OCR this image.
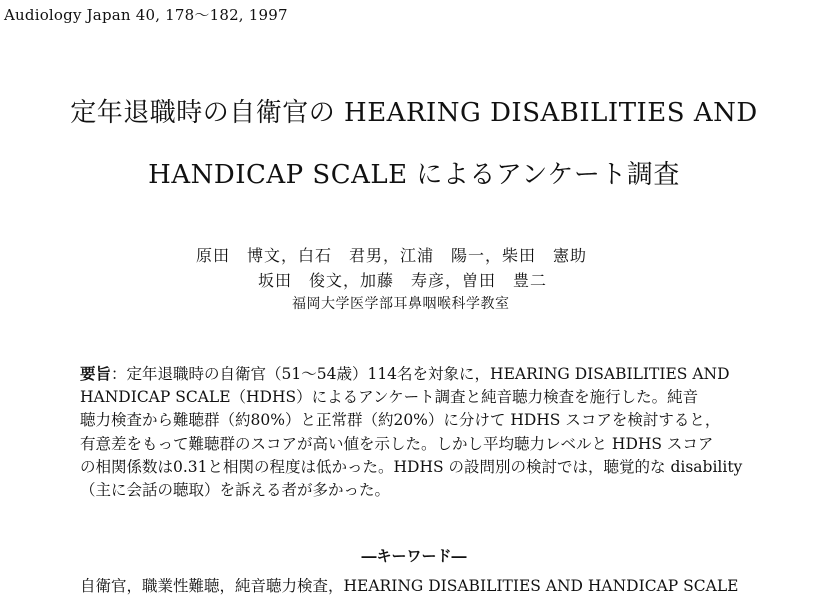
Audiology Japan 40, 178〜182, 1997
定年退職時の自衛官の HEARING DISABILITIES AND
HANDICAP SCALE によるアンケート調査
原田　博文，白石　君男，江浦　陽一，柴田　憲助
坂田　俊文，加藤　寿彦，曽田　豊二
福岡大学医学部耳鼻咽喉科学教室
要旨：定年退職時の自衛官（51〜54歳）114名を対象に，HEARING DISABILITIES AND
HANDICAP SCALE（HDHS）によるアンケート調査と純音聴力検査を施行した。純音
聴力検査から難聴群（約80%）と正常群（約20%）に分けて HDHS スコアを検討すると，
有意差をもって難聴群のスコアが高い値を示した。しかし平均聴力レベルと HDHS スコア
の相関係数は0.31と相関の程度は低かった。HDHS の設問別の検討では，聴覚的な disability
（主に会話の聴取）を訴える者が多かった。
―キーワード―
自衛官，職業性難聴，純音聴力検査，HEARING DISABILITIES AND HANDICAP SCALE
